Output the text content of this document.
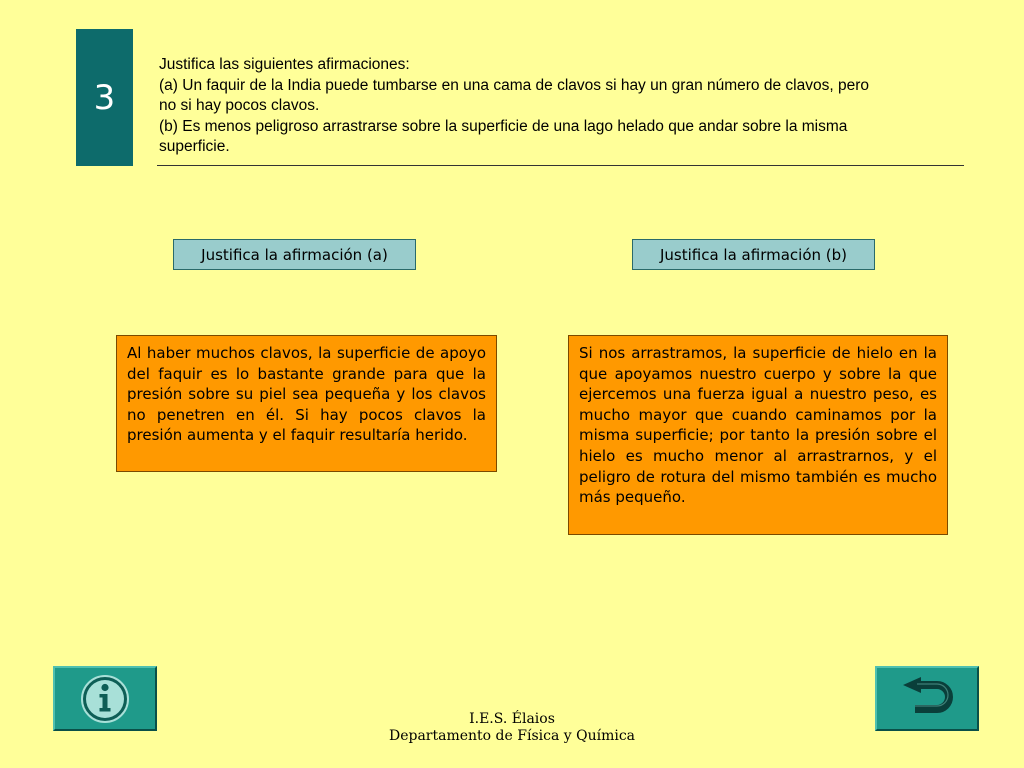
3
Justifica las siguientes afirmaciones:
(a) Un faquir de la India puede tumbarse en una cama de clavos si hay un gran número de clavos, pero
no si hay pocos clavos.
(b) Es menos peligroso arrastrarse sobre la superficie de una lago helado que andar sobre la misma
superficie.
Justifica la afirmación (a)	Justifica la afirmación (b)
Al haber muchos clavos, la superficie de apoyo del faquir es lo bastante grande para que la presión sobre su piel sea pequeña y los clavos no penetren en él. Si hay pocos clavos la presión aumenta y el faquir resultaría herido.
Si nos arrastramos, la superficie de hielo en la que apoyamos nuestro cuerpo y sobre la que ejercemos una fuerza igual a nuestro peso, es mucho mayor que cuando caminamos por la misma superficie; por tanto la presión sobre el hielo es mucho menor al arrastrarnos, y el peligro de rotura del mismo también es mucho más pequeño.
I.E.S. Élaios
Departamento de Física y Química
